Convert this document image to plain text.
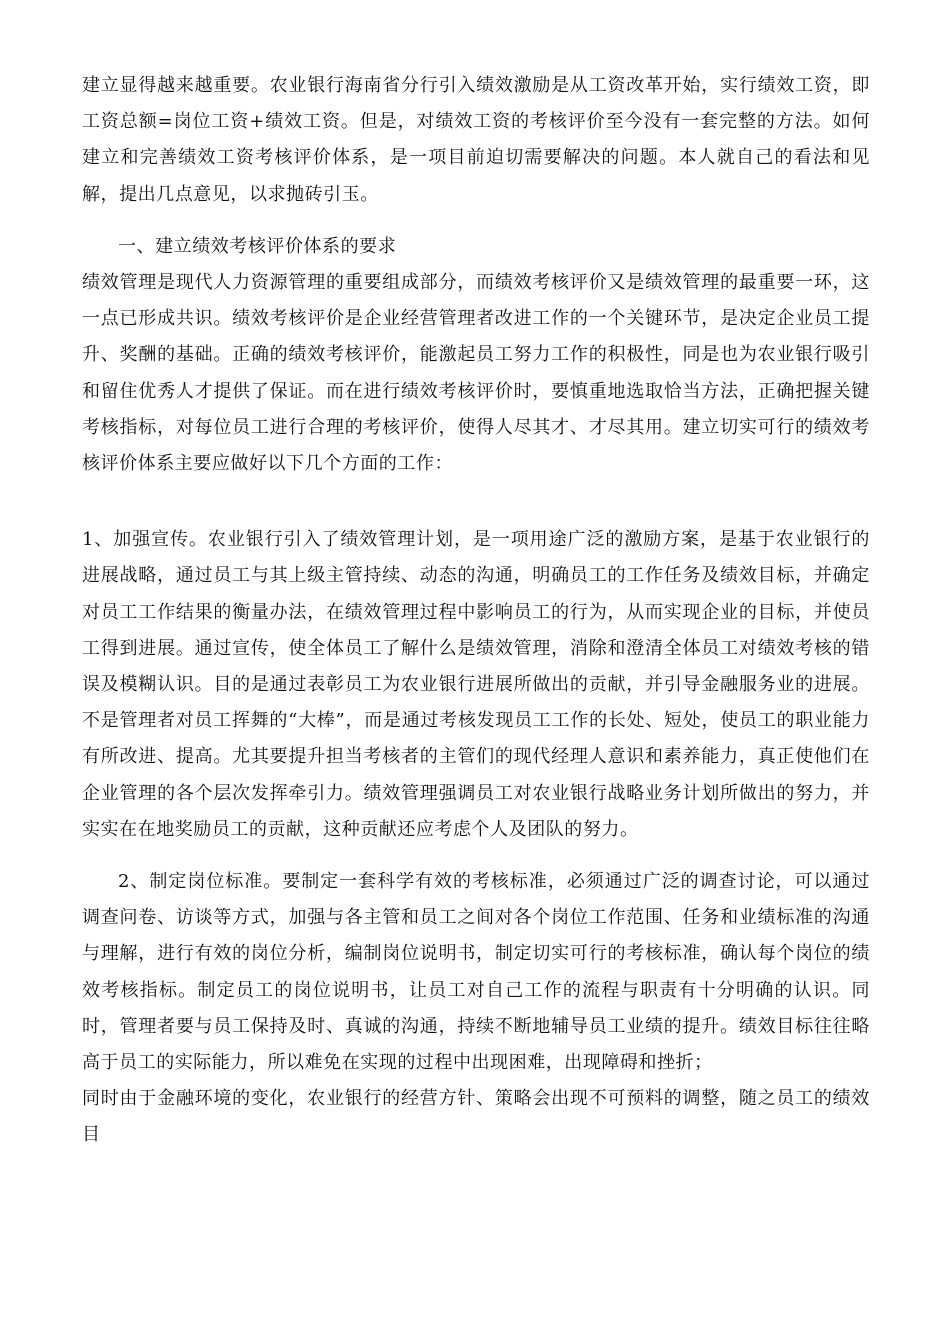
建立显得越来越重要。农业银行海南省分行引入绩效激励是从工资改革开始，实行绩效工资，即工资总额=岗位工资+绩效工资。但是，对绩效工资的考核评价至今没有一套完整的方法。如何建立和完善绩效工资考核评价体系，是一项目前迫切需要解决的问题。本人就自己的看法和见解，提出几点意见，以求抛砖引玉。

一、建立绩效考核评价体系的要求

绩效管理是现代人力资源管理的重要组成部分，而绩效考核评价又是绩效管理的最重要一环，这一点已形成共识。绩效考核评价是企业经营管理者改进工作的一个关键环节，是决定企业员工提升、奖酬的基础。正确的绩效考核评价，能激起员工努力工作的积极性，同是也为农业银行吸引和留住优秀人才提供了保证。而在进行绩效考核评价时，要慎重地选取恰当方法，正确把握关键考核指标，对每位员工进行合理的考核评价，使得人尽其才、才尽其用。建立切实可行的绩效考核评价体系主要应做好以下几个方面的工作：

1、加强宣传。农业银行引入了绩效管理计划，是一项用途广泛的激励方案，是基于农业银行的进展战略，通过员工与其上级主管持续、动态的沟通，明确员工的工作任务及绩效目标，并确定对员工工作结果的衡量办法，在绩效管理过程中影响员工的行为，从而实现企业的目标，并使员工得到进展。通过宣传，使全体员工了解什么是绩效管理，消除和澄清全体员工对绩效考核的错误及模糊认识。目的是通过表彰员工为农业银行进展所做出的贡献，并引导金融服务业的进展。不是管理者对员工挥舞的“大棒”，而是通过考核发现员工工作的长处、短处，使员工的职业能力有所改进、提高。尤其要提升担当考核者的主管们的现代经理人意识和素养能力，真正使他们在企业管理的各个层次发挥牵引力。绩效管理强调员工对农业银行战略业务计划所做出的努力，并实实在在地奖励员工的贡献，这种贡献还应考虑个人及团队的努力。

2、制定岗位标准。要制定一套科学有效的考核标准，必须通过广泛的调查讨论，可以通过调查问卷、访谈等方式，加强与各主管和员工之间对各个岗位工作范围、任务和业绩标准的沟通与理解，进行有效的岗位分析，编制岗位说明书，制定切实可行的考核标准，确认每个岗位的绩效考核指标。制定员工的岗位说明书，让员工对自己工作的流程与职责有十分明确的认识。同时，管理者要与员工保持及时、真诚的沟通，持续不断地辅导员工业绩的提升。绩效目标往往略高于员工的实际能力，所以难免在实现的过程中出现困难，出现障碍和挫折；

同时由于金融环境的变化，农业银行的经营方针、策略会出现不可预料的调整，随之员工的绩效目
